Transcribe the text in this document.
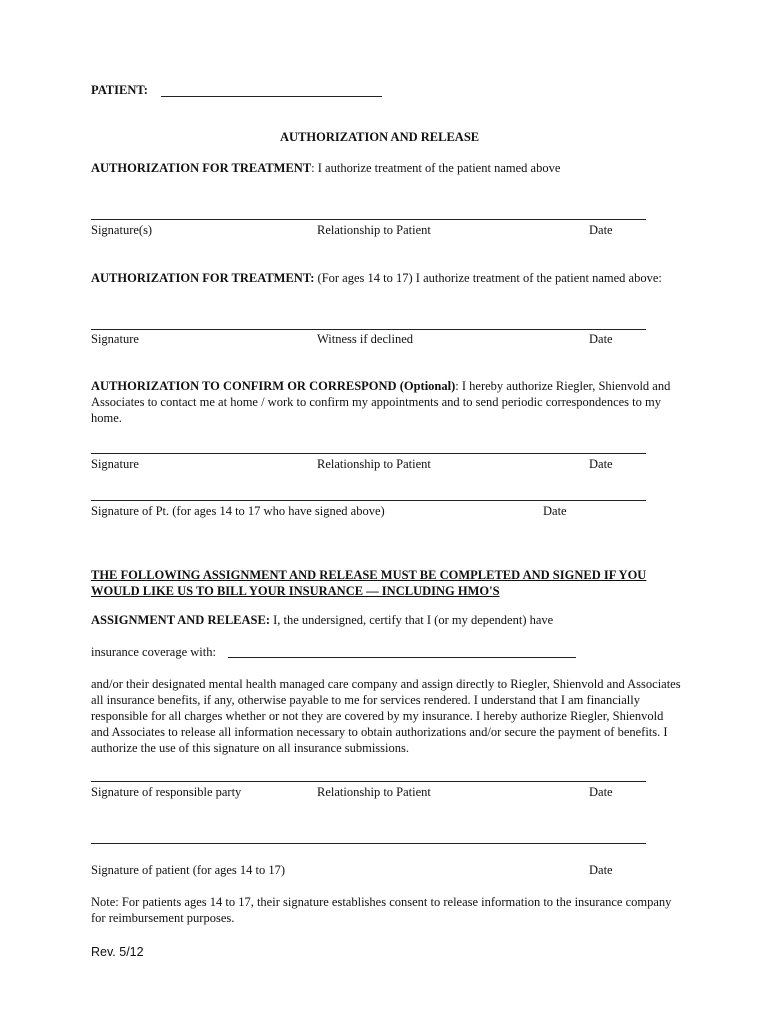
PATIENT:
AUTHORIZATION AND RELEASE
AUTHORIZATION FOR TREATMENT: I authorize treatment of the patient named above
Signature(s)	Relationship to Patient	Date
AUTHORIZATION FOR TREATMENT: (For ages 14 to 17) I authorize treatment of the patient named above:
Signature	Witness if declined	Date
AUTHORIZATION TO CONFIRM OR CORRESPOND (Optional): I hereby authorize Riegler, Shienvold and Associates to contact me at home / work to confirm my appointments and to send periodic correspondences to my home.
Signature	Relationship to Patient	Date
Signature of Pt. (for ages 14 to 17 who have signed above)	Date
THE FOLLOWING ASSIGNMENT AND RELEASE MUST BE COMPLETED AND SIGNED IF YOU WOULD LIKE US TO BILL YOUR INSURANCE — INCLUDING HMO'S
ASSIGNMENT AND RELEASE: I, the undersigned, certify that I (or my dependent) have
insurance coverage with:
and/or their designated mental health managed care company and assign directly to Riegler, Shienvold and Associates all insurance benefits, if any, otherwise payable to me for services rendered. I understand that I am financially responsible for all charges whether or not they are covered by my insurance. I hereby authorize Riegler, Shienvold and Associates to release all information necessary to obtain authorizations and/or secure the payment of benefits. I authorize the use of this signature on all insurance submissions.
Signature of responsible party	Relationship to Patient	Date
Signature of patient (for ages 14 to 17)	Date
Note: For patients ages 14 to 17, their signature establishes consent to release information to the insurance company for reimbursement purposes.
Rev. 5/12
